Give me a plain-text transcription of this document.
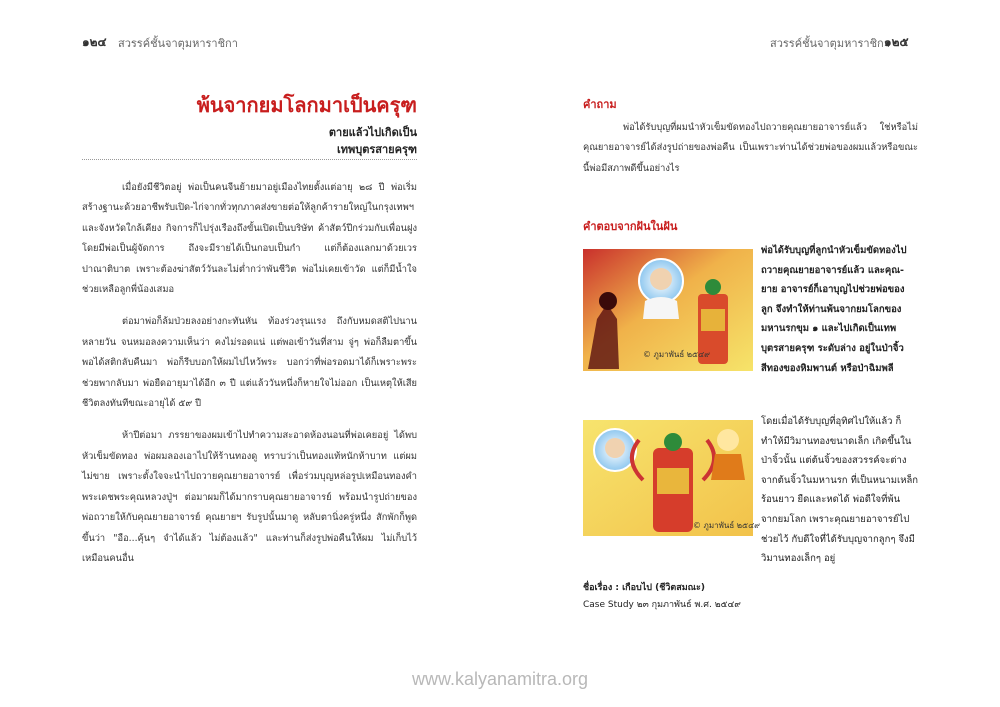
๑๒๔ สวรรค์ชั้นจาตุมหาราชิกา
พ้นจากยมโลกมาเป็นครุฑ
ตายแล้วไปเกิดเป็น
เทพบุตรสายครุฑ

เมื่อยังมีชีวิตอยู่ พ่อเป็นคนจีนย้ายมาอยู่เมืองไทยตั้งแต่อายุ ๒๘ ปี พ่อเริ่มสร้างฐานะด้วยอาชีพรับเปิด-ไก่จากทั่วทุกภาคส่งขายต่อให้ลูกค้ารายใหญ่ในกรุงเทพฯและจังหวัดใกล้เคียง กิจการก็ไปรุ่งเรืองถึงขั้นเปิดเป็นบริษัท ค้าสัตว์ปีกร่วมกับเพื่อนฝูง โดยมีพ่อเป็นผู้จัดการ ถึงจะมีรายได้เป็นกอบเป็นกำ แต่ก็ต้องแลกมาด้วยเวรปาณาติบาต เพราะต้องฆ่าสัตว์วันละไม่ต่ำกว่าพันชีวิต พ่อไม่เคยเข้าวัด แต่ก็มีน้ำใจช่วยเหลือลูกพี่น้องเสมอ

ต่อมาพ่อก็ล้มป่วยลงอย่างกะทันหัน ท้องร่วงรุนแรง ถึงกับหมดสติไปนานหลายวัน จนหมอลงความเห็นว่า คงไม่รอดแน่ แต่พอเข้าวันที่สาม จู่ๆ พ่อก็ลืมตาขึ้น พอได้สติกลับคืนมา พ่อก็รีบบอกให้ผมไปไหว้พระ บอกว่าที่พ่อรอดมาได้ก็เพราะพระช่วยพากลับมา พ่อยืดอายุมาได้อีก ๓ ปี แต่แล้ววันหนึ่งก็หายใจไม่ออก เป็นเหตุให้เสียชีวิตลงทันทีขณะอายุได้ ๕๙ ปี

ห้าปีต่อมา ภรรยาของผมเข้าไปทำความสะอาดห้องนอนที่พ่อเคยอยู่ ได้พบหัวเข็มขัดทอง พ่อผมลองเอาไปให้ร้านทองดู ทราบว่าเป็นทองแท้หนักห้าบาท แต่ผมไม่ขาย เพราะตั้งใจจะนำไปถวายคุณยายอาจารย์ เพื่อร่วมบุญหล่อรูปเหมือนทองคำพระเดชพระคุณหลวงปู่ฯ ต่อมาผมก็ได้มากราบคุณยายอาจารย์ พร้อมนำรูปถ่ายของพ่อถวายให้กับคุณยายอาจารย์ คุณยายฯ รับรูปนั้นมาดู หลับตานิ่งครู่หนึ่ง สักพักก็พูดขึ้นว่า "อือ...คุ้นๆ จำได้แล้ว ไม่ต้องแล้ว" และท่านก็ส่งรูปพ่อคืนให้ผม ไม่เก็บไว้เหมือนคนอื่น

สวรรค์ชั้นจาตุมหาราชิกา
๑๒๕
คำถาม

พ่อได้รับบุญที่ผมนำหัวเข็มขัดทองไปถวายคุณยายอาจารย์แล้ว ใช่หรือไม่ คุณยายอาจารย์ได้ส่งรูปถ่ายของพ่อคืน เป็นเพราะท่านได้ช่วยพ่อของผมแล้วหรือขณะนี้พ่อมีสภาพดีขึ้นอย่างไร

คำตอบจากฝันในฝัน
© ภูมาพันธ์ ๒๕๔๙
พ่อได้รับบุญที่ลูกนำหัวเข็มขัดทองไป
ถวายคุณยายอาจารย์แล้ว และคุณ-
ยาย อาจารย์ก็เอาบุญไปช่วยพ่อของ
ลูก จึงทำให้ท่านพ้นจากยมโลกของ
มหานรกขุม ๑ และไปเกิดเป็นเทพ
บุตรสายครุฑ ระดับล่าง อยู่ในป่าจิ้ว
สีทองของหิมพานต์ หรือป่าฉิมพลี
© ภูมาพันธ์ ๒๕๔๙
โดยเมื่อได้รับบุญที่อุทิศไปให้แล้ว ก็
ทำให้มีวิมานทองขนาดเล็ก เกิดขึ้นใน
ป่าจิ้วนั้น แต่ต้นจิ้วของสวรรค์จะต่าง
จากต้นจิ้วในมหานรก ที่เป็นหนามเหล็ก
ร้อนยาว ยืดและหดได้ พ่อดีใจที่พ้น
จากยมโลก เพราะคุณยายอาจารย์ไป
ช่วยไว้ กับดีใจที่ได้รับบุญจากลูกๆ จึงมี
วิมานทองเล็กๆ อยู่
ชื่อเรื่อง : เกือบไป (ชีวิตสมณะ)
Case Study ๒๓ กุมภาพันธ์ พ.ศ. ๒๕๔๙
www.kalyanamitra.org
